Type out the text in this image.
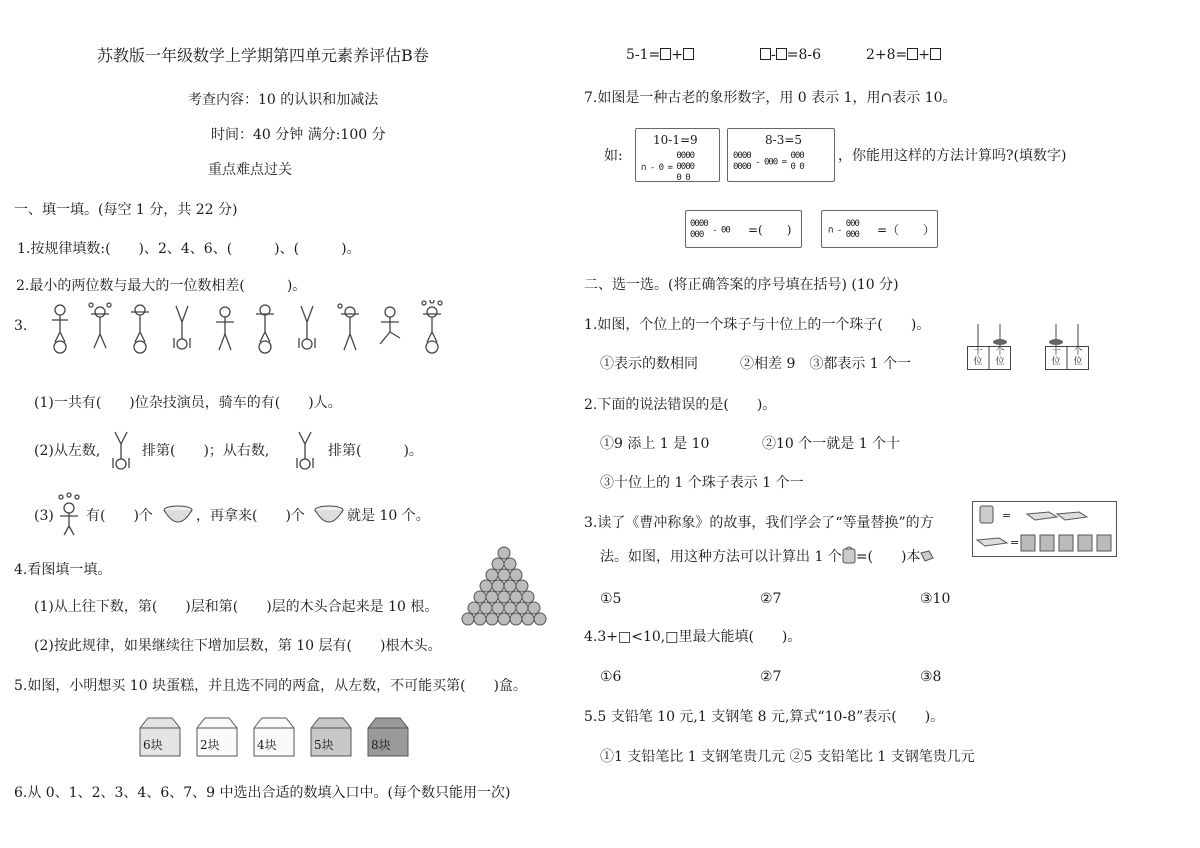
苏教版一年级数学上学期第四单元素养评估B卷
考查内容：10 的认识和加减法
时间：40 分钟 满分:100 分
重点难点过关
一、填一填。(每空 1 分，共 22 分)
1.按规律填数:(　　)、2、4、6、(　　　)、(　　　)。
2.最小的两位数与最大的一位数相差(　　　)。
3.
(1)一共有(　　)位杂技演员，骑车的有(　　)人。
(2)从左数,	排第(　　)；从右数,	排第(　　　)。
(3) 有(　　)个	，再拿来(　　)个	就是 10 个。
4.看图填一填。
(1)从上往下数，第(　　)层和第(　　)层的木头合起来是 10 根。
(2)按此规律，如果继续往下增加层数，第 10 层有(　　)根木头。
5.如图，小明想买 10 块蛋糕，并且选不同的两盒，从左数，不可能买第(　　)盒。
6块	2块	4块	5块	8块
6.从 0、1、2、3、4、6、7、9 中选出合适的数填入口中。(每个数只能用一次)
5-1= +	- =8-6	2+8= +
7.如图是一种古老的象形数字，用 0 表示 1，用∩表示 10。
如:
10-1=9
∩ - 0 = 0000
0000
0 0
8-3=5
0000
0000 - 000 = 000
0 0
，你能用这样的方法计算吗?(填数字)
0000
000 - 00 =(　　)	∩ - 000
000 =（　　）
二、选一选。(将正确答案的序号填在括号) (10 分)
1.如图，个位上的一个珠子与十位上的一个珠子(　　)。
①表示的数相同　　　②相差 9　③都表示 1 个一
十位
个位
十位
个位
2.下面的说法错误的是(　　)。
①9 添上 1 是 10	②10 个一就是 1 个十
③十位上的 1 个珠子表示 1 个一
3.读了《曹冲称象》的故事，我们学会了“等量替换”的方
法。如图，用这种方法可以计算出 1 个 =(　　)本
=
=
①5	②7	③10
4.3+□<10,□里最大能填(　　)。
①6	②7	③8
5.5 支铅笔 10 元,1 支钢笔 8 元,算式“10-8”表示(　　)。
①1 支铅笔比 1 支钢笔贵几元 ②5 支铅笔比 1 支钢笔贵几元
